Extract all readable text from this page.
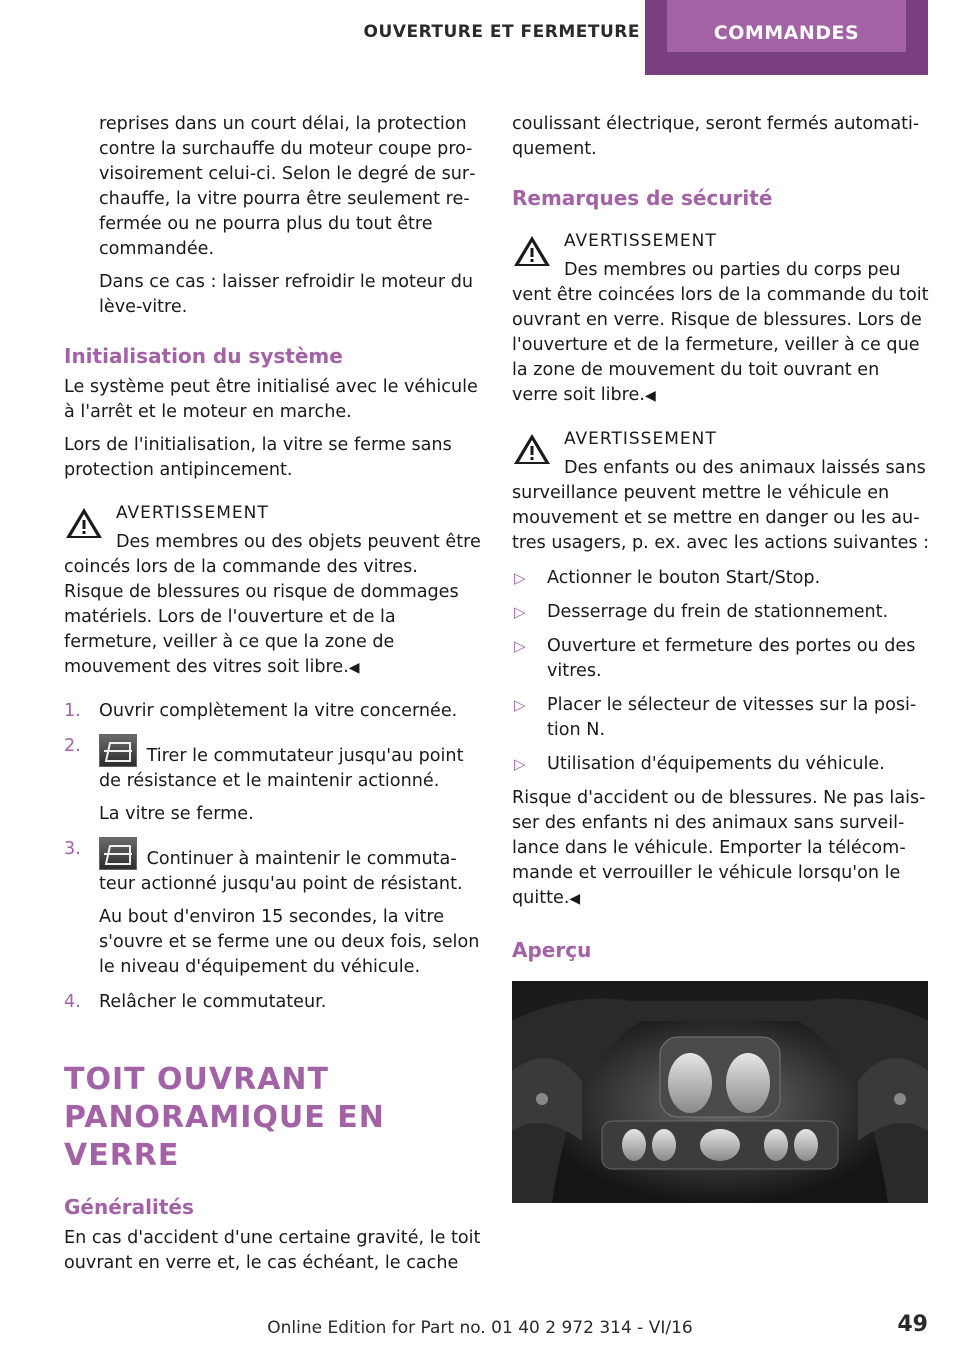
OUVERTURE ET FERMETURE	COMMANDES

reprises dans un court délai, la protection contre la surchauffe du moteur coupe provisoirement celui-ci. Selon le degré de surchauffe, la vitre pourra être seulement refermée ou ne pourra plus du tout être commandée.

Dans ce cas : laisser refroidir le moteur du lève-vitre.

Initialisation du système

Le système peut être initialisé avec le véhicule à l'arrêt et le moteur en marche.

Lors de l'initialisation, la vitre se ferme sans protection antipincement.

AVERTISSEMENT
Des membres ou des objets peuvent être
coincés lors de la commande des vitres. Risque de blessures ou risque de dommages matériels. Lors de l'ouverture et de la fermeture, veiller à ce que la zone de mouvement des vitres soit libre.◀
1. Ouvrir complètement la vitre concernée.
2.	Tirer le commutateur jusqu'au point de résistance et le maintenir actionné.
La vitre se ferme.
3.	Continuer à maintenir le commutateur actionné jusqu'au point de résistant.
Au bout d'environ 15 secondes, la vitre s'ouvre et se ferme une ou deux fois, selon le niveau d'équipement du véhicule.
4. Relâcher le commutateur.
TOIT OUVRANT PANORAMIQUE EN VERRE
Généralités

En cas d'accident d'une certaine gravité, le toit ouvrant en verre et, le cas échéant, le cache

coulissant électrique, seront fermés automatiquement.

Remarques de sécurité
AVERTISSEMENT
Des membres ou parties du corps peu
vent être coincées lors de la commande du toit ouvrant en verre. Risque de blessures. Lors de l'ouverture et de la fermeture, veiller à ce que la zone de mouvement du toit ouvrant en verre soit libre.◀
AVERTISSEMENT
Des enfants ou des animaux laissés sans
surveillance peuvent mettre le véhicule en mouvement et se mettre en danger ou les autres usagers, p. ex. avec les actions suivantes :
▷ Actionner le bouton Start/Stop.
▷ Desserrage du frein de stationnement.
▷ Ouverture et fermeture des portes ou des vitres.
▷ Placer le sélecteur de vitesses sur la position N.
▷ Utilisation d'équipements du véhicule.

Risque d'accident ou de blessures. Ne pas laisser des enfants ni des animaux sans surveillance dans le véhicule. Emporter la télécommande et verrouiller le véhicule lorsqu'on le quitte.◀

Aperçu
Online Edition for Part no. 01 40 2 972 314 - VI/16	49
